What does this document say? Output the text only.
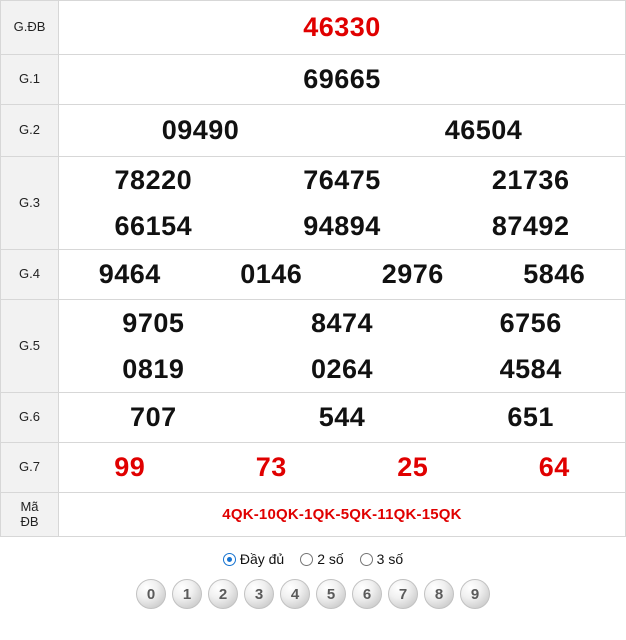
G.ĐB	46330

G.1	69665

G.2	09490 46504

G.3	
78220	76475	21736
66154	94894	87492

G.4	9464 0146 2976 5846

G.5	
9705	8474	6756
0819	0264	4584

G.6	707 544 651

G.7	99 73 25 64

Mã
ĐB	4QK-10QK-1QK-5QK-11QK-15QK
Đầy đủ 2 số 3 số
0	1	2	3	4	5	6	7	8	9
